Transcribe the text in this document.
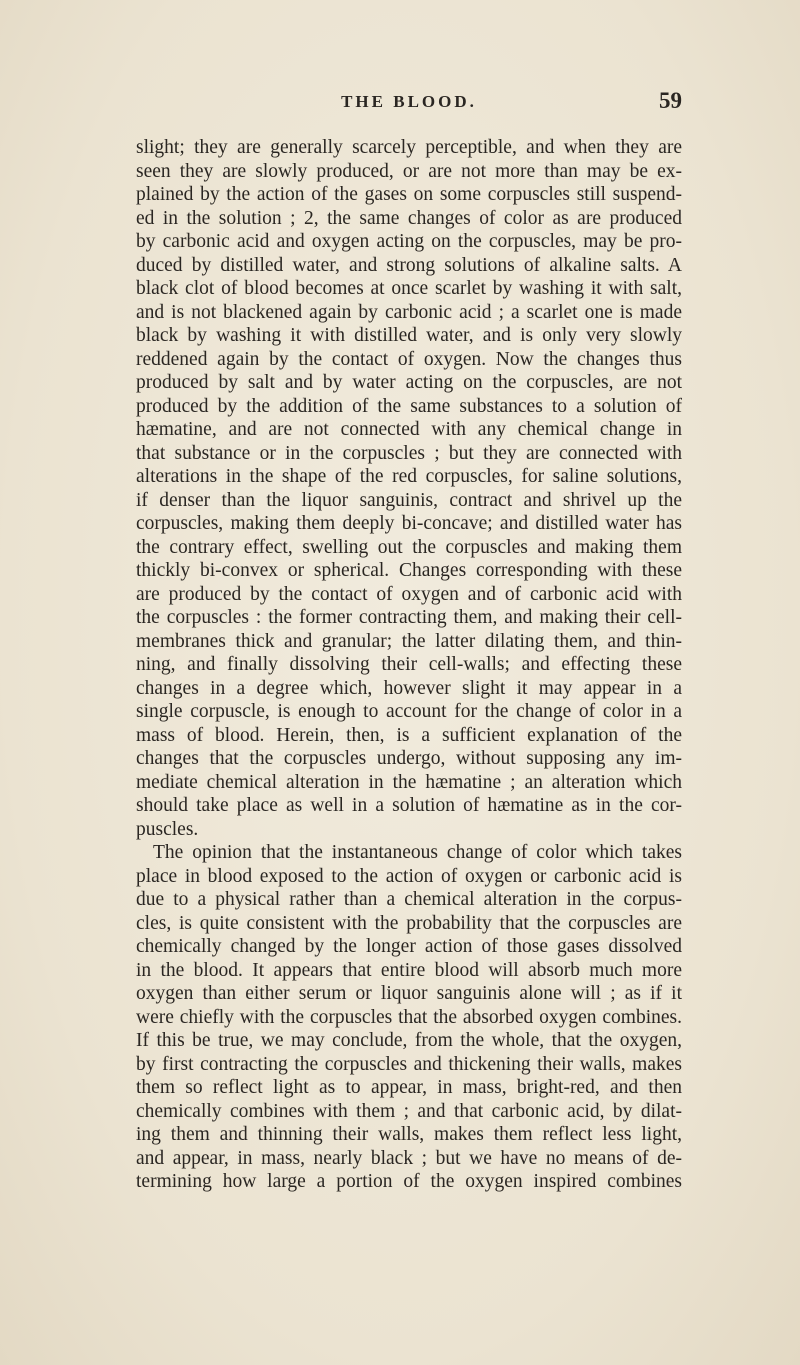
THE BLOOD.	59
slight; they are generally scarcely perceptible, and when they are
seen they are slowly produced, or are not more than may be ex-
plained by the action of the gases on some corpuscles still suspend-
ed in the solution ; 2, the same changes of color as are produced
by carbonic acid and oxygen acting on the corpuscles, may be pro-
duced by distilled water, and strong solutions of alkaline salts. A
black clot of blood becomes at once scarlet by washing it with salt,
and is not blackened again by carbonic acid ; a scarlet one is made
black by washing it with distilled water, and is only very slowly
reddened again by the contact of oxygen. Now the changes thus
produced by salt and by water acting on the corpuscles, are not
produced by the addition of the same substances to a solution of
hæmatine, and are not connected with any chemical change in
that substance or in the corpuscles ; but they are connected with
alterations in the shape of the red corpuscles, for saline solutions,
if denser than the liquor sanguinis, contract and shrivel up the
corpuscles, making them deeply bi-concave; and distilled water has
the contrary effect, swelling out the corpuscles and making them
thickly bi-convex or spherical. Changes corresponding with these
are produced by the contact of oxygen and of carbonic acid with
the corpuscles : the former contracting them, and making their cell-
membranes thick and granular; the latter dilating them, and thin-
ning, and finally dissolving their cell-walls; and effecting these
changes in a degree which, however slight it may appear in a
single corpuscle, is enough to account for the change of color in a
mass of blood. Herein, then, is a sufficient explanation of the
changes that the corpuscles undergo, without supposing any im-
mediate chemical alteration in the hæmatine ; an alteration which
should take place as well in a solution of hæmatine as in the cor-
puscles.
The opinion that the instantaneous change of color which takes
place in blood exposed to the action of oxygen or carbonic acid is
due to a physical rather than a chemical alteration in the corpus-
cles, is quite consistent with the probability that the corpuscles are
chemically changed by the longer action of those gases dissolved
in the blood. It appears that entire blood will absorb much more
oxygen than either serum or liquor sanguinis alone will ; as if it
were chiefly with the corpuscles that the absorbed oxygen combines.
If this be true, we may conclude, from the whole, that the oxygen,
by first contracting the corpuscles and thickening their walls, makes
them so reflect light as to appear, in mass, bright-red, and then
chemically combines with them ; and that carbonic acid, by dilat-
ing them and thinning their walls, makes them reflect less light,
and appear, in mass, nearly black ; but we have no means of de-
termining how large a portion of the oxygen inspired combines
